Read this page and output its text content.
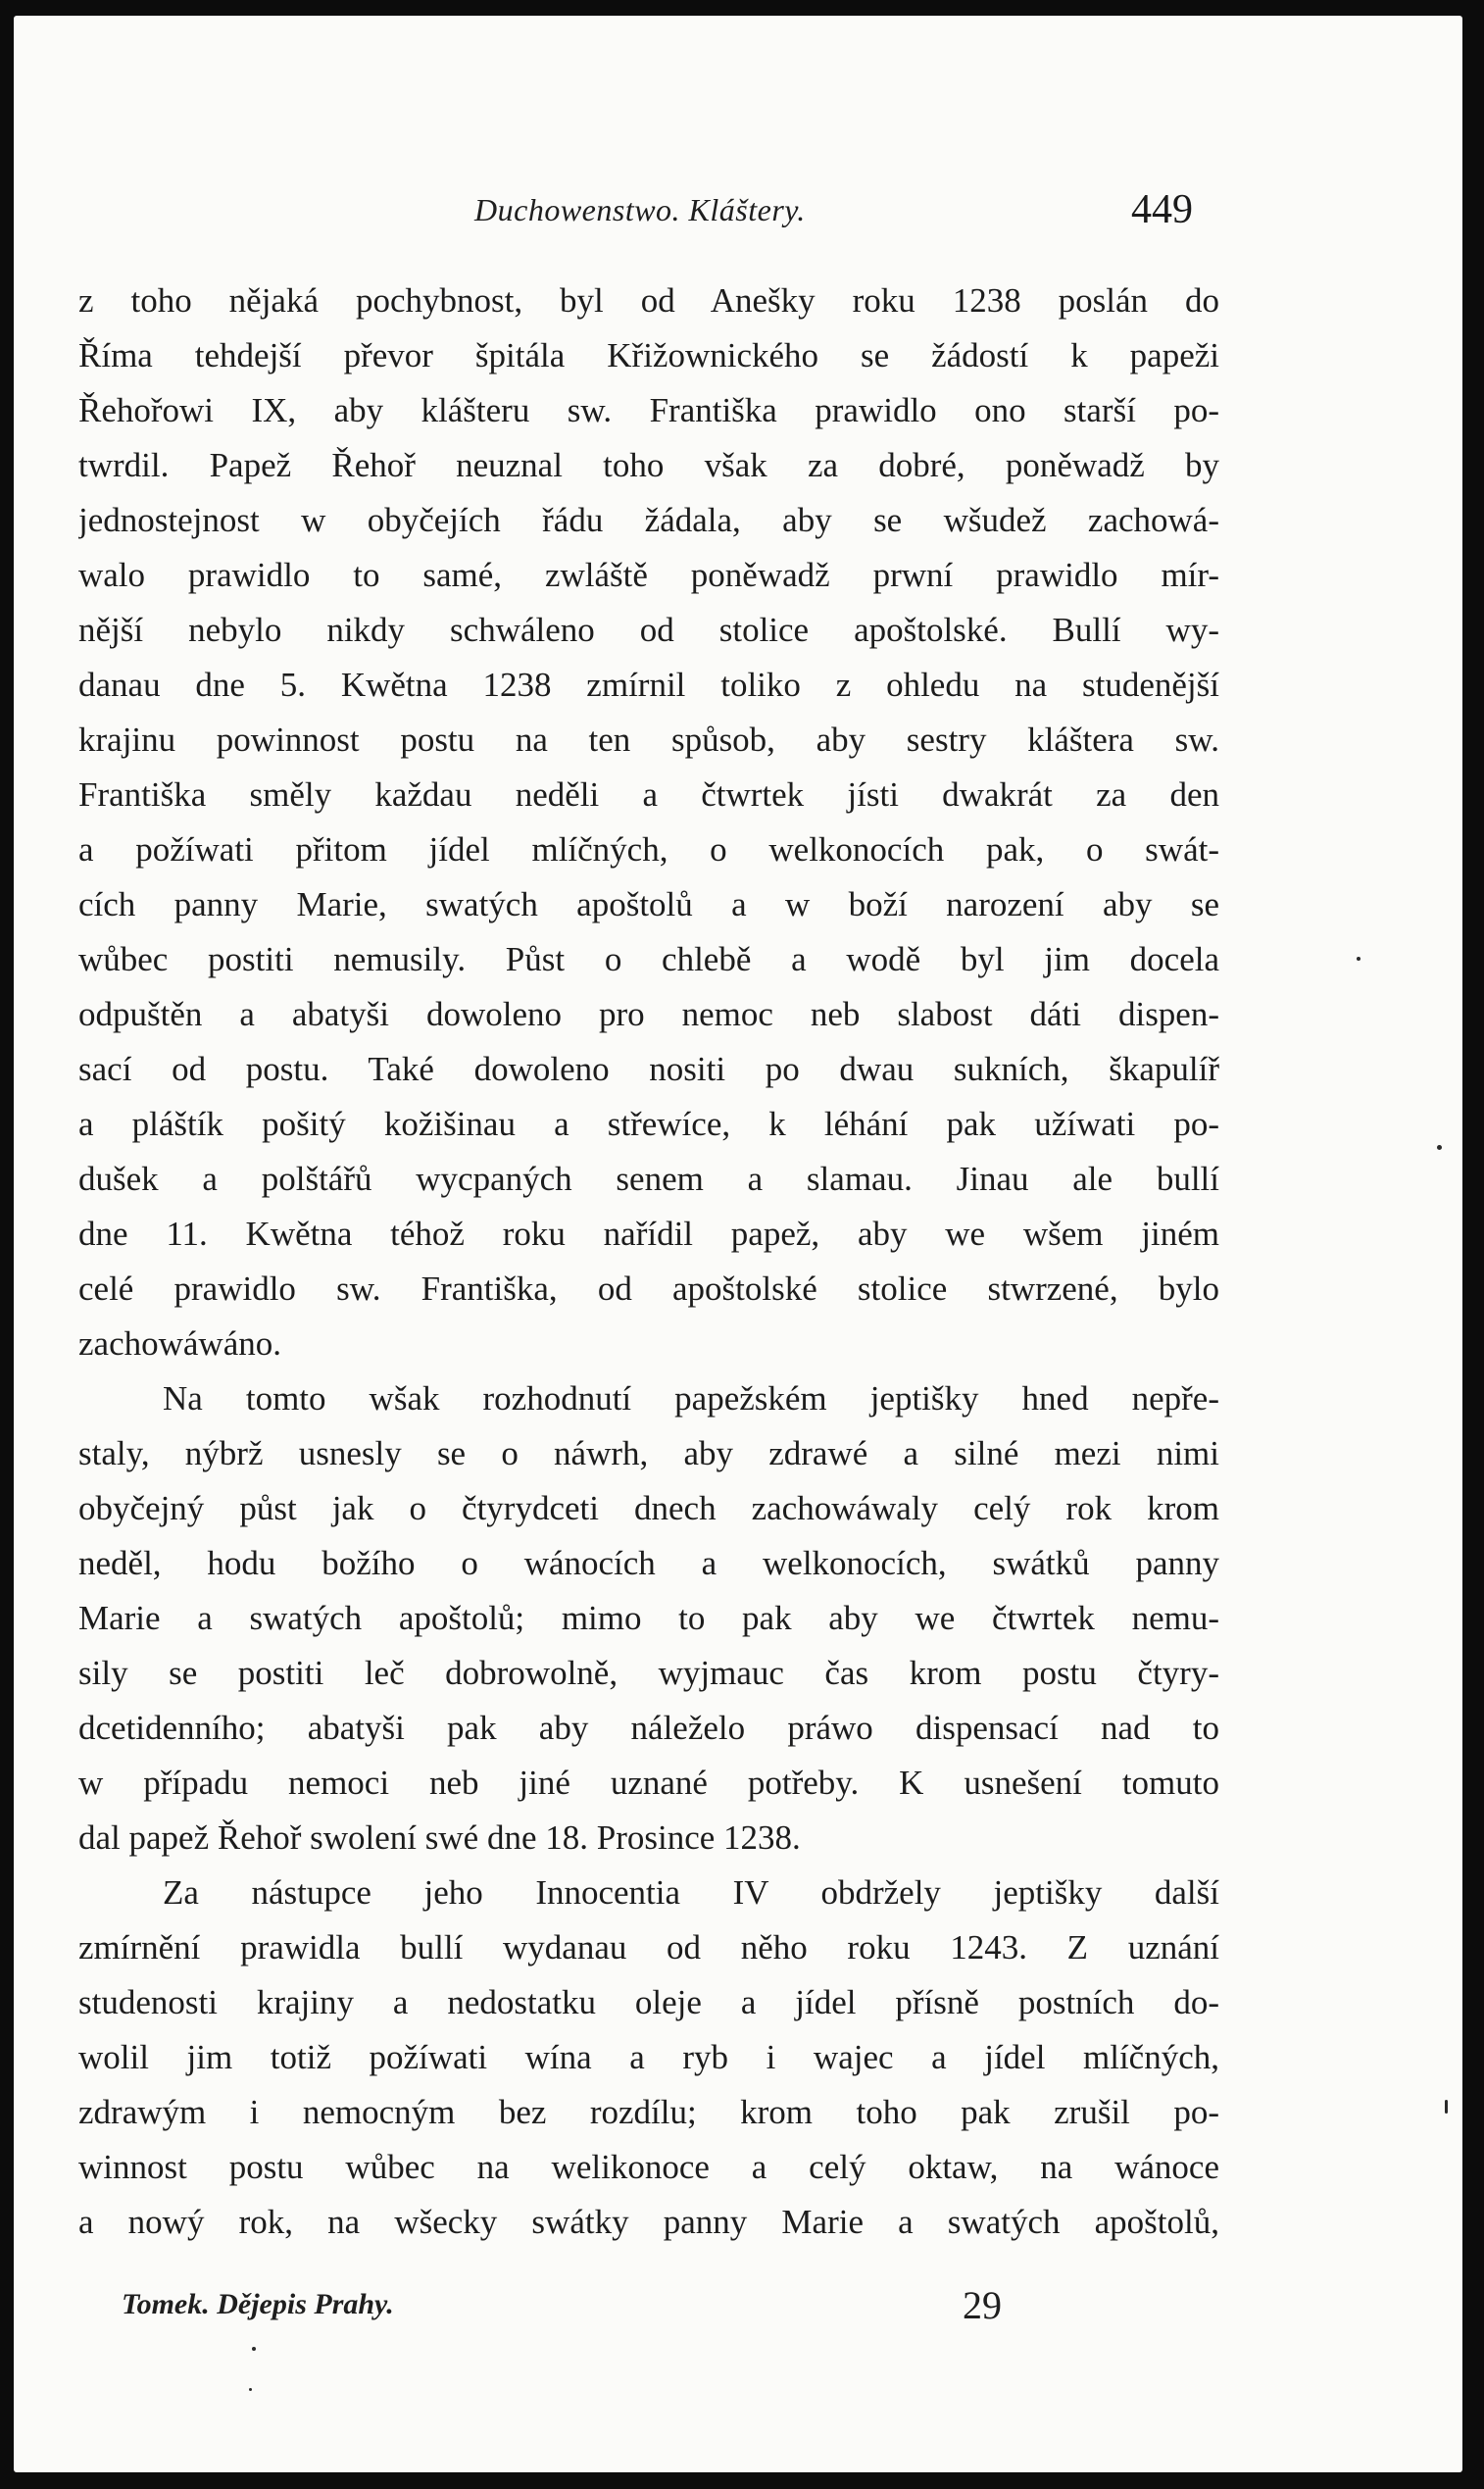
Duchowenstwo. Kláštery.	449
z toho nějaká pochybnost, byl od Anešky roku 1238 poslán do
Říma tehdejší převor špitála Křižownického se žádostí k papeži
Řehořowi IX, aby klášteru sw. Františka prawidlo ono starší po-
twrdil. Papež Řehoř neuznal toho však za dobré, poněwadž by
jednostejnost w obyčejích řádu žádala, aby se wšudež zachowá-
walo prawidlo to samé, zwláště poněwadž prwní prawidlo mír-
nější nebylo nikdy schwáleno od stolice apoštolské. Bullí wy-
danau dne 5. Kwětna 1238 zmírnil toliko z ohledu na studenější
krajinu powinnost postu na ten spůsob, aby sestry kláštera sw.
Františka směly každau neděli a čtwrtek jísti dwakrát za den
a požíwati přitom jídel mlíčných, o welkonocích pak, o swát-
cích panny Marie, swatých apoštolů a w boží narození aby se
wůbec postiti nemusily. Půst o chlebě a wodě byl jim docela
odpuštěn a abatyši dowoleno pro nemoc neb slabost dáti dispen-
sací od postu. Také dowoleno nositi po dwau sukních, škapulíř
a pláštík pošitý kožišinau a střewíce, k léhání pak užíwati po-
dušek a polštářů wycpaných senem a slamau. Jinau ale bullí
dne 11. Kwětna téhož roku nařídil papež, aby we wšem jiném
celé prawidlo sw. Františka, od apoštolské stolice stwrzené, bylo
zachowáwáno.
Na tomto wšak rozhodnutí papežském jeptišky hned nepře-
staly, nýbrž usnesly se o náwrh, aby zdrawé a silné mezi nimi
obyčejný půst jak o čtyrydceti dnech zachowáwaly celý rok krom
neděl, hodu božího o wánocích a welkonocích, swátků panny
Marie a swatých apoštolů; mimo to pak aby we čtwrtek nemu-
sily se postiti leč dobrowolně, wyjmauc čas krom postu čtyry-
dcetidenního; abatyši pak aby náleželo práwo dispensací nad to
w případu nemoci neb jiné uznané potřeby. K usnešení tomuto
dal papež Řehoř swolení swé dne 18. Prosince 1238.
Za nástupce jeho Innocentia IV obdržely jeptišky další
zmírnění prawidla bullí wydanau od něho roku 1243. Z uznání
studenosti krajiny a nedostatku oleje a jídel přísně postních do-
wolil jim totiž požíwati wína a ryb i wajec a jídel mlíčných,
zdrawým i nemocným bez rozdílu; krom toho pak zrušil po-
winnost postu wůbec na welikonoce a celý oktaw, na wánoce
a nowý rok, na wšecky swátky panny Marie a swatých apoštolů,
Tomek. Dějepis Prahy.	29
